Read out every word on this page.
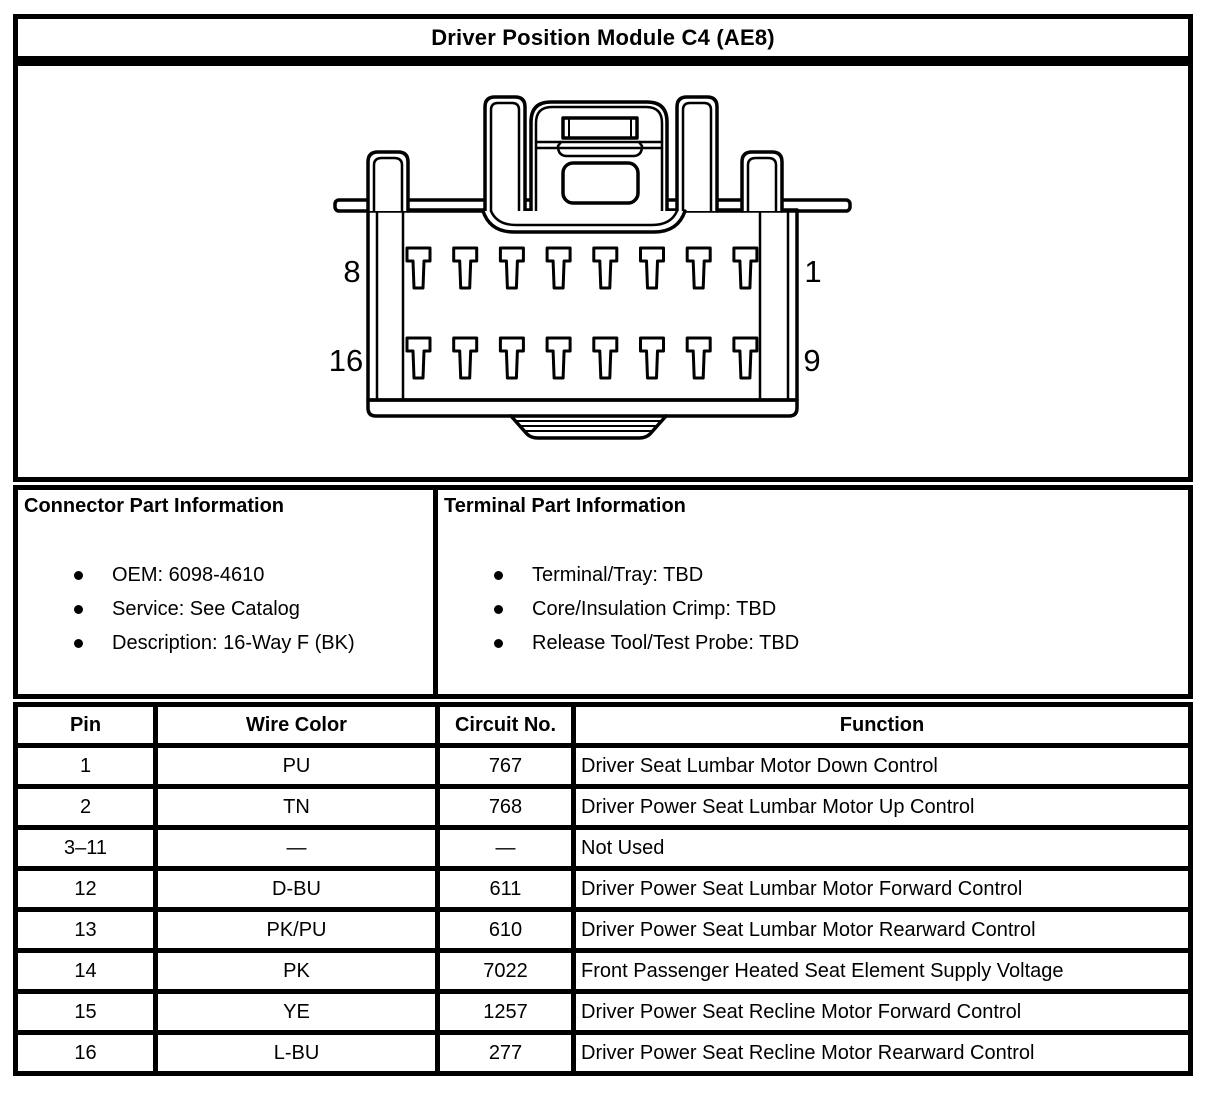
Driver Position Module C4 (AE8)
8	1
16	9
Connector Part Information
OEM: 6098-4610
Service: See Catalog
Description: 16-Way F (BK)
Terminal Part Information
Terminal/Tray: TBD
Core/Insulation Crimp: TBD
Release Tool/Test Probe: TBD
Pin	Wire Color	Circuit No.	Function
1	PU	767	Driver Seat Lumbar Motor Down Control
2	TN	768	Driver Power Seat Lumbar Motor Up Control
3–11	—	—	Not Used
12	D-BU	611	Driver Power Seat Lumbar Motor Forward Control
13	PK/PU	610	Driver Power Seat Lumbar Motor Rearward Control
14	PK	7022	Front Passenger Heated Seat Element Supply Voltage
15	YE	1257	Driver Power Seat Recline Motor Forward Control
16	L-BU	277	Driver Power Seat Recline Motor Rearward Control
